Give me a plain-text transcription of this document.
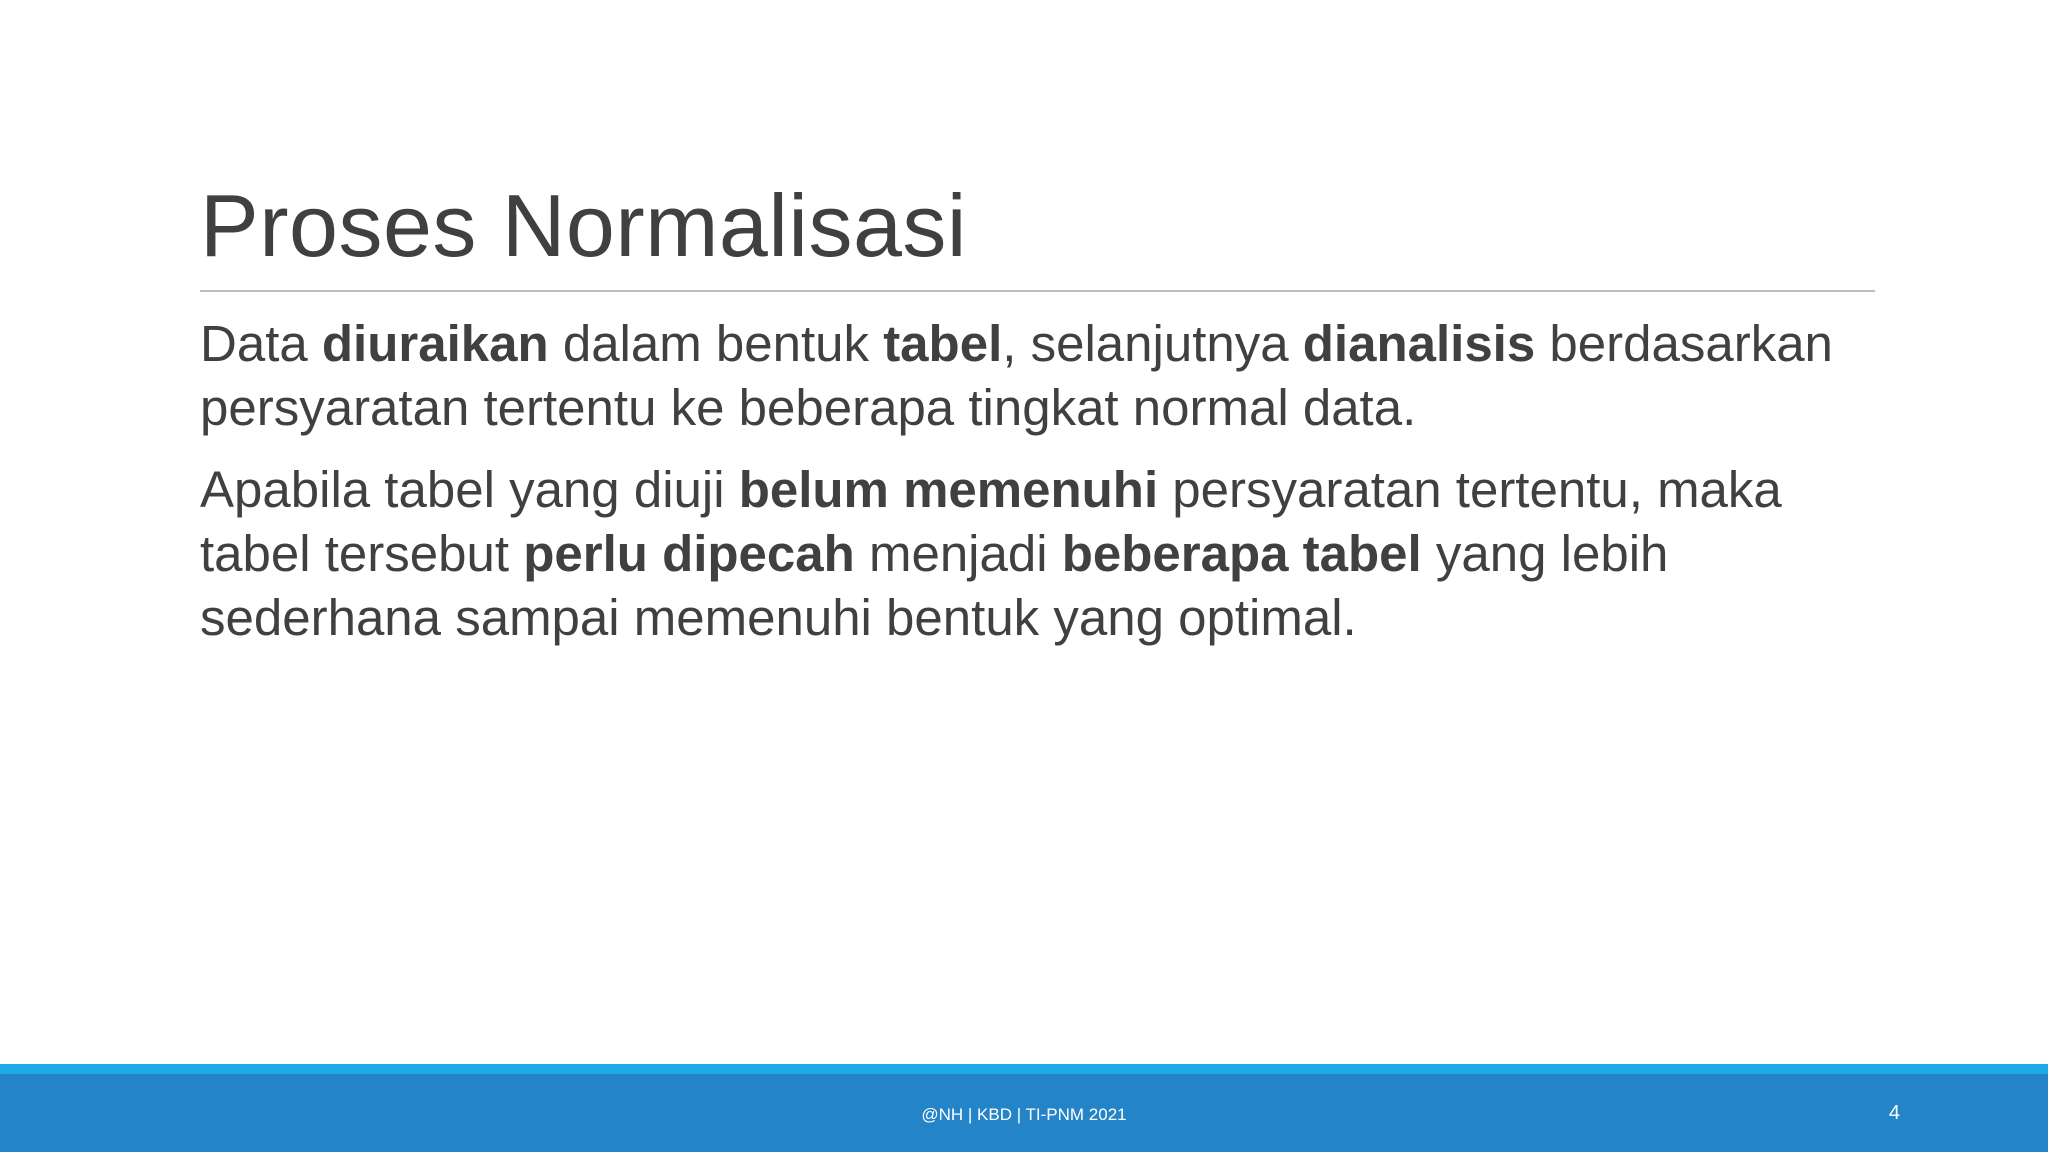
Proses Normalisasi

Data diuraikan dalam bentuk tabel, selanjutnya dianalisis berdasarkan persyaratan tertentu ke beberapa tingkat normal data.

Apabila tabel yang diuji belum memenuhi persyaratan tertentu, maka tabel tersebut perlu dipecah menjadi beberapa tabel yang lebih sederhana sampai memenuhi bentuk yang optimal.

@NH | KBD | TI-PNM 2021	4
